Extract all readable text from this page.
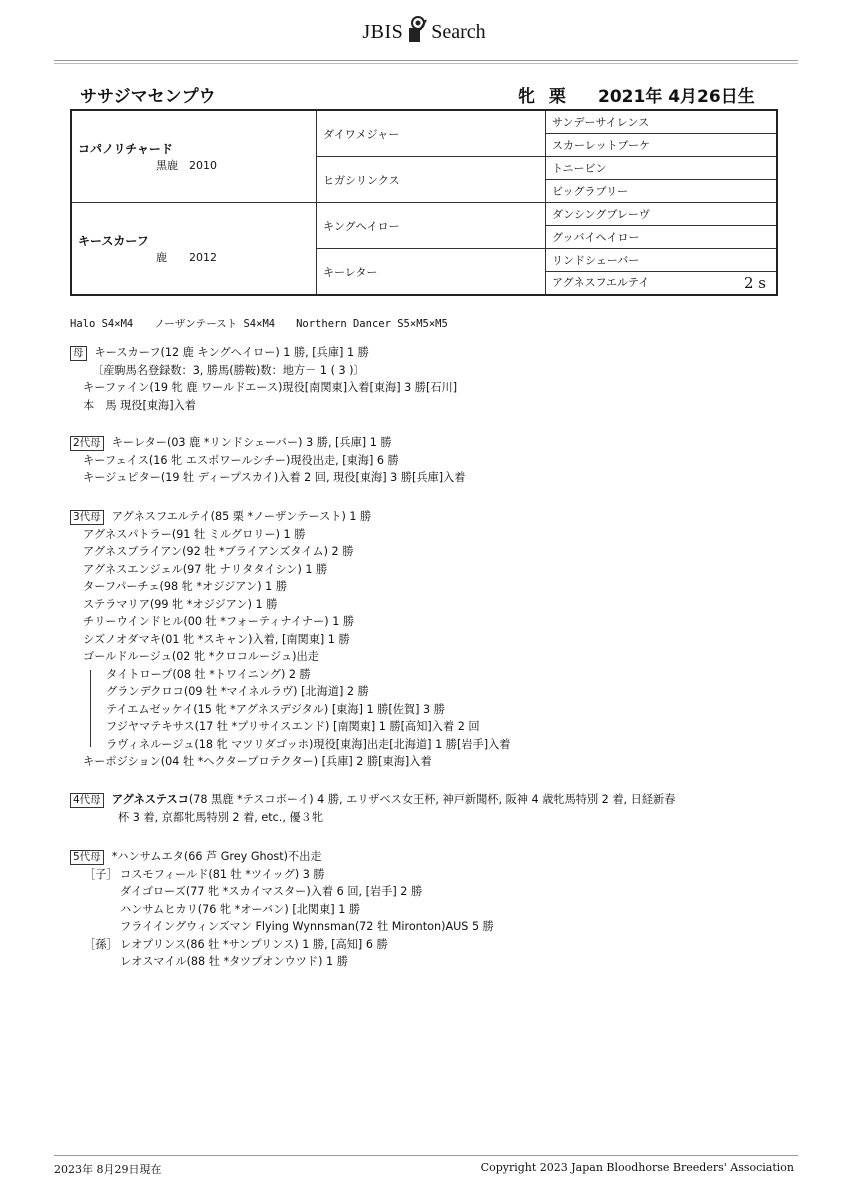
JBIS Search
ササジマセンプウ	牝 栗 2021年 4月26日生
コパノリチャード
黒鹿　2010	ダイワメジャー	サンデーサイレンス
		スカーレットブーケ
	ヒガシリンクス	トニービン
		ビッグラブリー

キースカーフ
鹿　　2012	キングヘイロー	ダンシングブレーヴ
		グッバイヘイロー
	キーレター	リンドシェーバー
		アグネスフエルテイ 2 s
Halo S4×M4　　ノーザンテースト S4×M4　　Northern Dancer S5×M5×M5
母 キースカーフ(12 鹿 キングヘイロー) 1 勝, [兵庫] 1 勝
〔産駒馬名登録数：3, 勝馬(勝鞍)数：地方－ 1 ( 3 )〕
キーファイン(19 牝 鹿 ワールドエース)現役[南関東]入着[東海] 3 勝[石川]
本　馬 現役[東海]入着
2代母 キーレター(03 鹿 *リンドシェーバー) 3 勝, [兵庫] 1 勝
キーフェイス(16 牝 エスポワールシチー)現役出走, [東海] 6 勝
キージュピター(19 牡 ディープスカイ)入着 2 回, 現役[東海] 3 勝[兵庫]入着
3代母 アグネスフエルテイ(85 栗 *ノーザンテースト) 1 勝
アグネスパトラー(91 牡 ミルグロリー) 1 勝
アグネスブライアン(92 牡 *ブライアンズタイム) 2 勝
アグネスエンジェル(97 牝 ナリタタイシン) 1 勝
ターフパーチェ(98 牝 *オジジアン) 1 勝
ステラマリア(99 牝 *オジジアン) 1 勝
チリーウインドヒル(00 牡 *フォーティナイナー) 1 勝
シズノオダマキ(01 牝 *スキャン)入着, [南関東] 1 勝
ゴールドルージュ(02 牝 *クロコルージュ)出走
タイトロープ(08 牡 *トワイニング) 2 勝
グランデクロコ(09 牡 *マイネルラヴ) [北海道] 2 勝
テイエムゼッケイ(15 牝 *アグネスデジタル) [東海] 1 勝[佐賀] 3 勝
フジヤマテキサス(17 牡 *プリサイスエンド) [南関東] 1 勝[高知]入着 2 回
ラヴィネルージュ(18 牝 マツリダゴッホ)現役[東海]出走[北海道] 1 勝[岩手]入着
キーポジション(04 牡 *ヘクタープロテクター) [兵庫] 2 勝[東海]入着
4代母 アグネステスコ(78 黒鹿 *テスコボーイ) 4 勝, エリザベス女王杯, 神戸新聞杯, 阪神 4 歳牝馬特別 2 着, 日経新春
杯 3 着, 京都牝馬特別 2 着, etc., 優３牝
5代母 *ハンサムエタ(66 芦 Grey Ghost)不出走
［子］ コスモフィールド(81 牡 *ツイッグ) 3 勝
ダイゴローズ(77 牝 *スカイマスター)入着 6 回, [岩手] 2 勝
ハンサムヒカリ(76 牝 *オーバン) [北関東] 1 勝
フライイングウィンズマン Flying Wynnsman(72 牡 Mironton)AUS 5 勝
［孫］ レオプリンス(86 牡 *サンプリンス) 1 勝, [高知] 6 勝
レオスマイル(88 牡 *タツプオンウツド) 1 勝
2023年 8月29日現在	Copyright 2023 Japan Bloodhorse Breeders' Association
